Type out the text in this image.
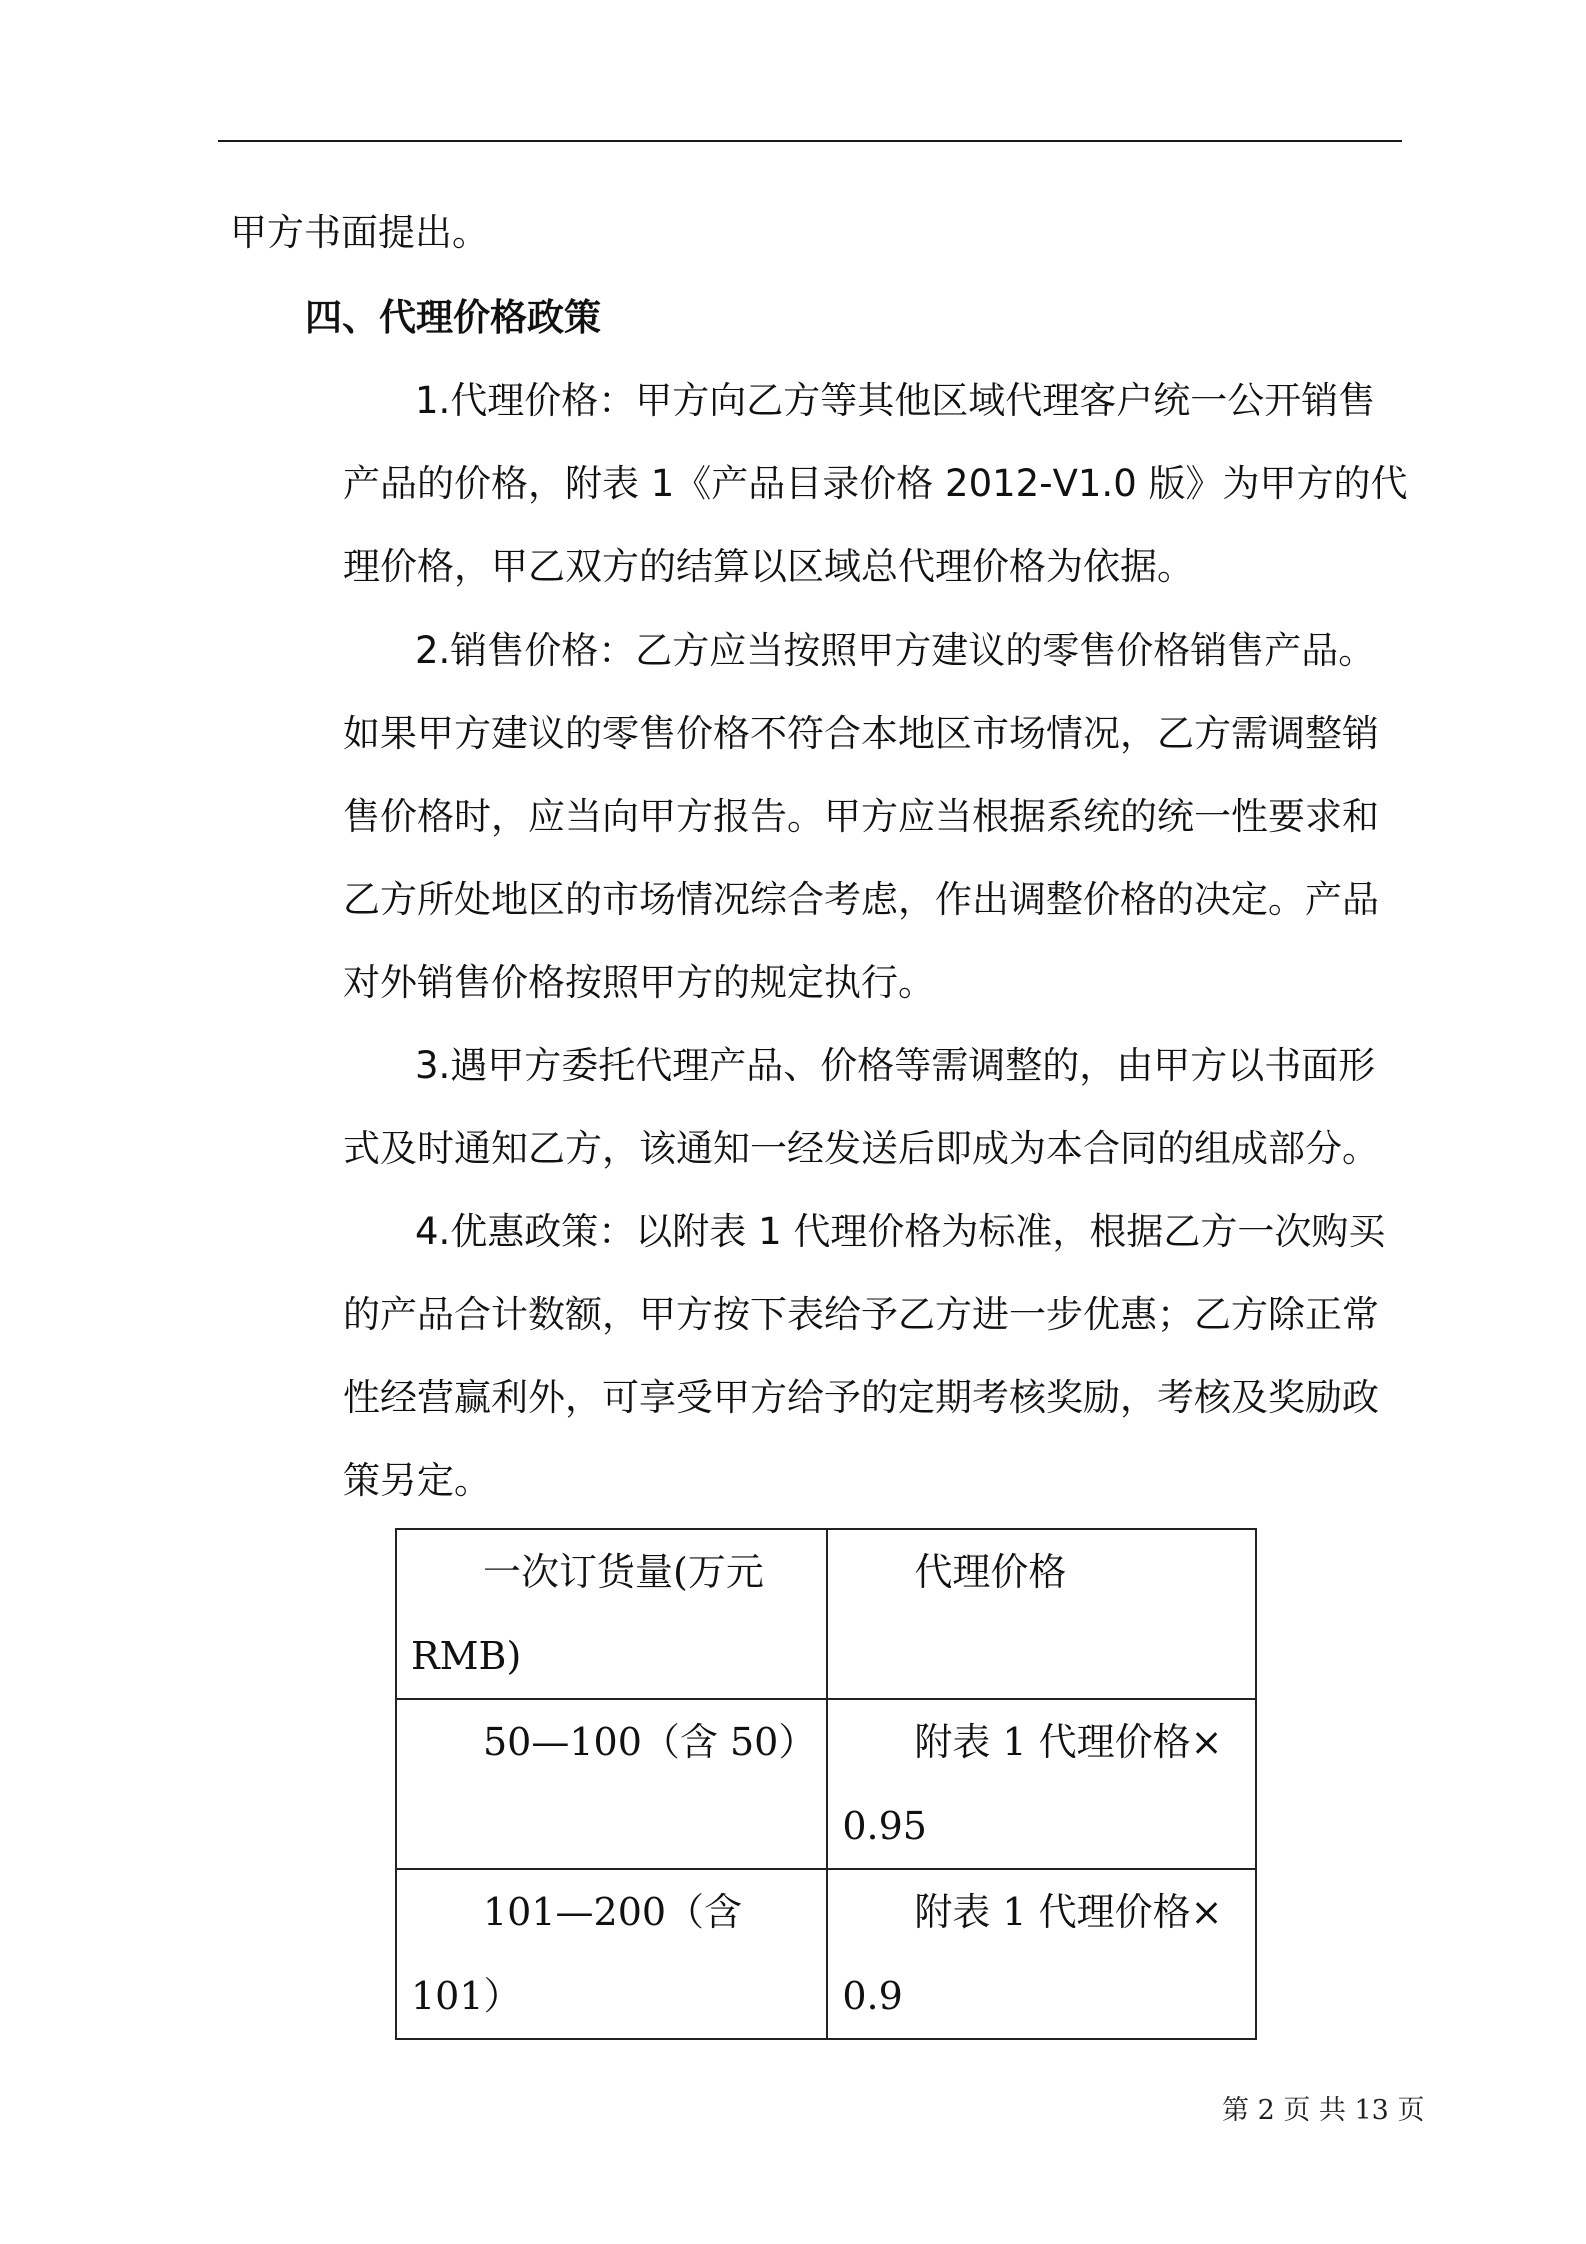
甲方书面提出。

四、代理价格政策

1.代理价格：甲方向乙方等其他区域代理客户统一公开销售

产品的价格，附表 1《产品目录价格 2012-V1.0 版》为甲方的代

理价格，甲乙双方的结算以区域总代理价格为依据。

2.销售价格：乙方应当按照甲方建议的零售价格销售产品。

如果甲方建议的零售价格不符合本地区市场情况，乙方需调整销

售价格时，应当向甲方报告。甲方应当根据系统的统一性要求和

乙方所处地区的市场情况综合考虑，作出调整价格的决定。产品

对外销售价格按照甲方的规定执行。

3.遇甲方委托代理产品、价格等需调整的，由甲方以书面形

式及时通知乙方，该通知一经发送后即成为本合同的组成部分。

4.优惠政策：以附表 1 代理价格为标准，根据乙方一次购买

的产品合计数额，甲方按下表给予乙方进一步优惠；乙方除正常

性经营赢利外，可享受甲方给予的定期考核奖励，考核及奖励政

策另定。

一次订货量(万元
RMB)	代理价格

50—100（含 50）	附表 1 代理价格×
0.95

101—200（含
101）	附表 1 代理价格×
0.9
第 2 页 共 13 页
